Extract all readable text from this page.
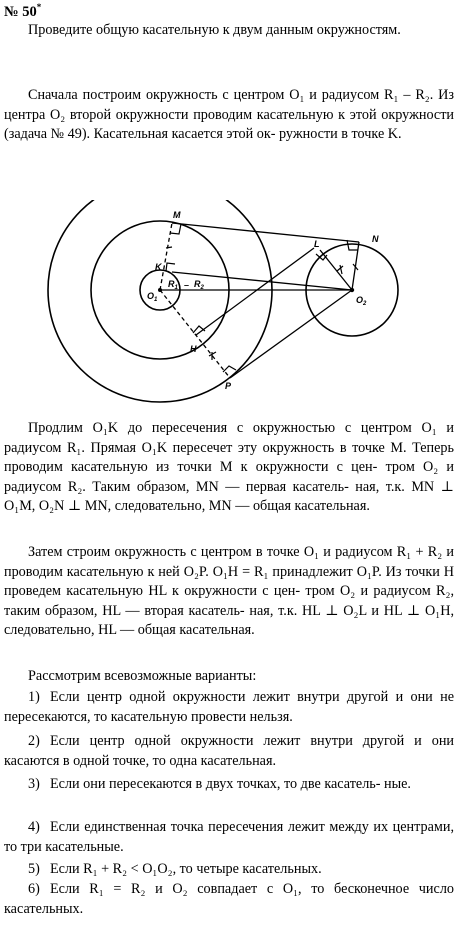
№ 50*

Проведите общую касательную к двум данным окружностям.

Сначала построим окружность с центром O₁ и радиусом R₁ – R₂. Из центра O₂ второй окружности проводим касательную к этой окружности (задача № 49). Касательная касается этой ок- ружности в точке K.

M
K
$O_1$
$R_1 - R_2$
H
P
L	N
$O_2$

Продлим O₁K до пересечения с окружностью с центром O₁ и радиусом R₁. Прямая O₁K пересечет эту окружность в точке M. Теперь проводим касательную из точки M к окружности с цен- тром O₂ и радиусом R₂. Таким образом, MN — первая касатель- ная, т.к. MN ⊥ O₁M, O₂N ⊥ MN, следовательно, MN — общая касательная.

Затем строим окружность с центром в точке O₁ и радиусом R₁ + R₂ и проводим касательную к ней O₂P. O₁H = R₁ принадлежит O₁P. Из точки H проведем касательную HL к окружности с цен- тром O₂ и радиусом R₂, таким образом, HL — вторая касатель- ная, т.к. HL ⊥ O₂L и HL ⊥ O₁H, следовательно, HL — общая касательная.

Рассмотрим всевозможные варианты:

1) Если центр одной окружности лежит внутри другой и они не пересекаются, то касательную провести нельзя.
2) Если центр одной окружности лежит внутри другой и они касаются в одной точке, то одна касательная.
3) Если они пересекаются в двух точках, то две касатель- ные.
4) Если единственная точка пересечения лежит между их центрами, то три касательные.
5) Если R₁ + R₂ < O₁O₂, то четыре касательных.
6) Если R₁ = R₂ и O₂ совпадает с O₁, то бесконечное число касательных.
